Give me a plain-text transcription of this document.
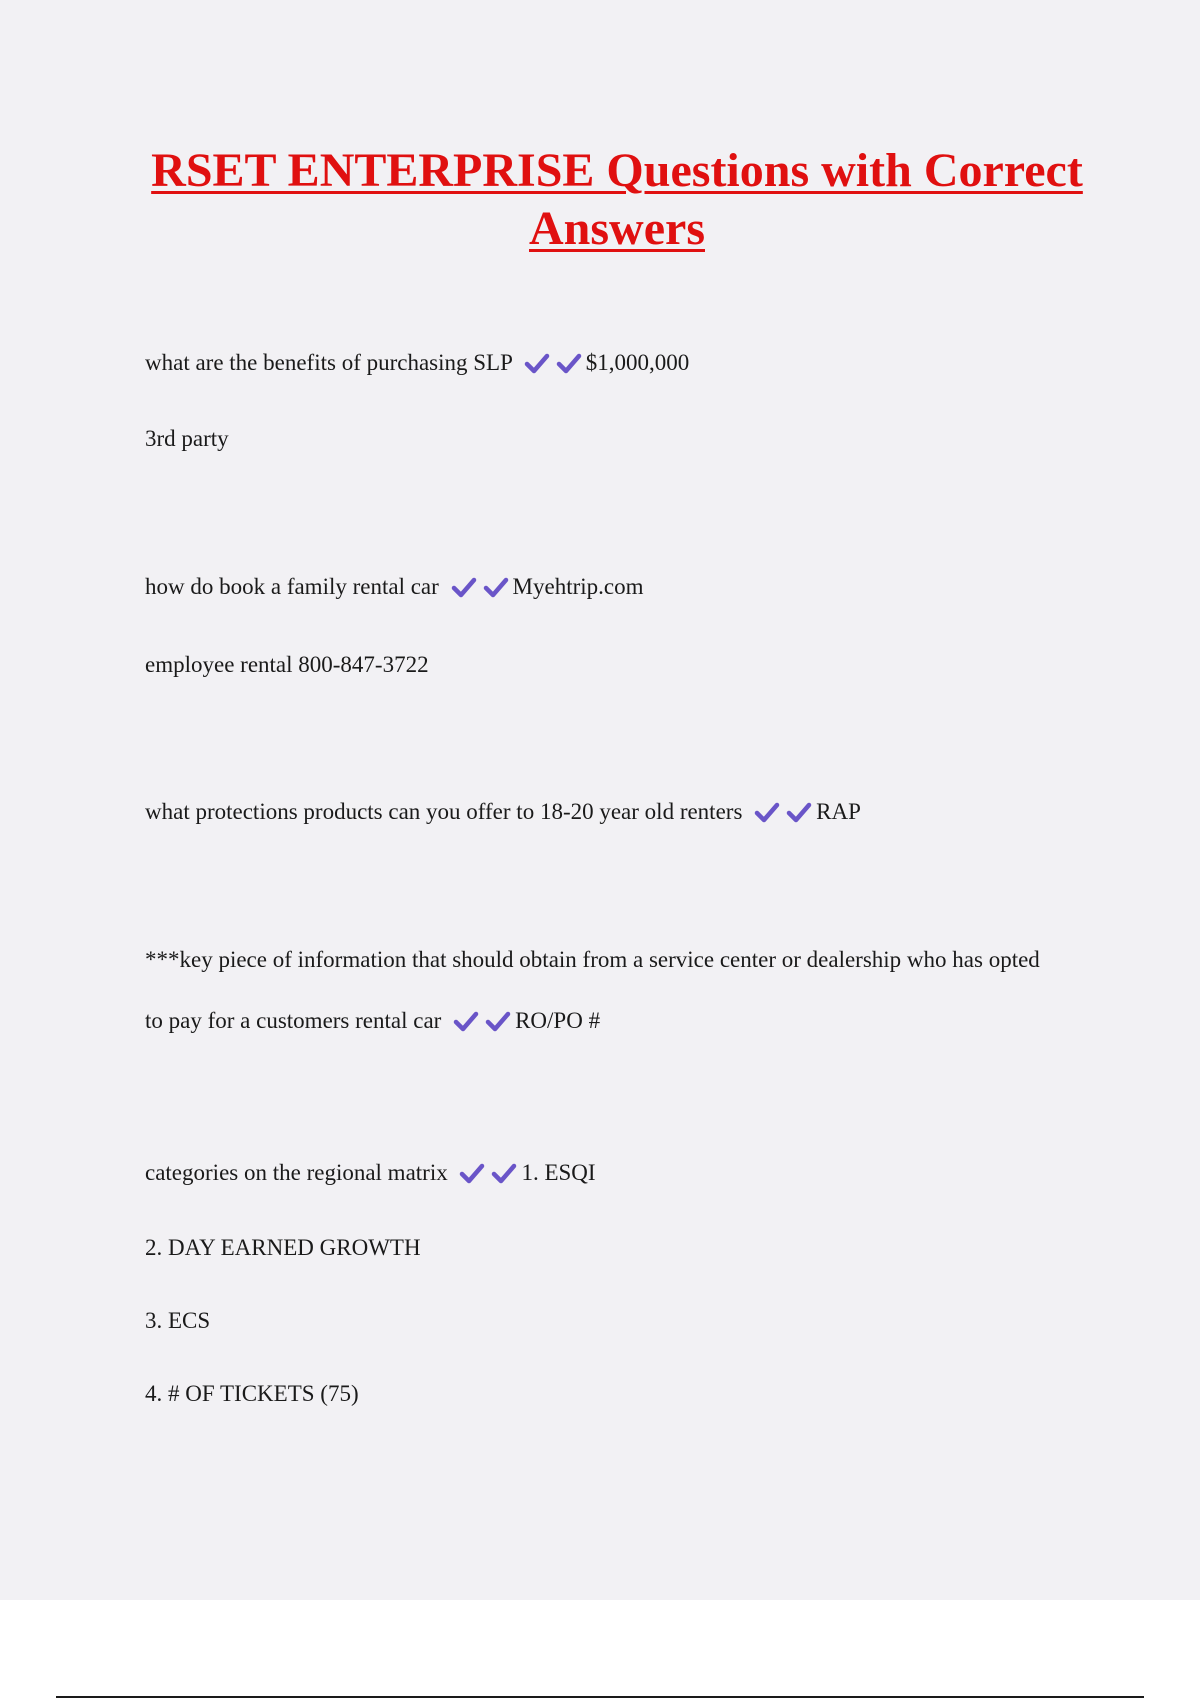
RSET ENTERPRISE Questions with Correct Answers
what are the benefits of purchasing SLP	$1,000,000
3rd party
how do book a family rental car	Myehtrip.com
employee rental 800-847-3722
what protections products can you offer to 18-20 year old renters	RAP
***key piece of information that should obtain from a service center or dealership who has opted
to pay for a customers rental car	RO/PO #
categories on the regional matrix	1. ESQI
2. DAY EARNED GROWTH
3. ECS
4. # OF TICKETS (75)
